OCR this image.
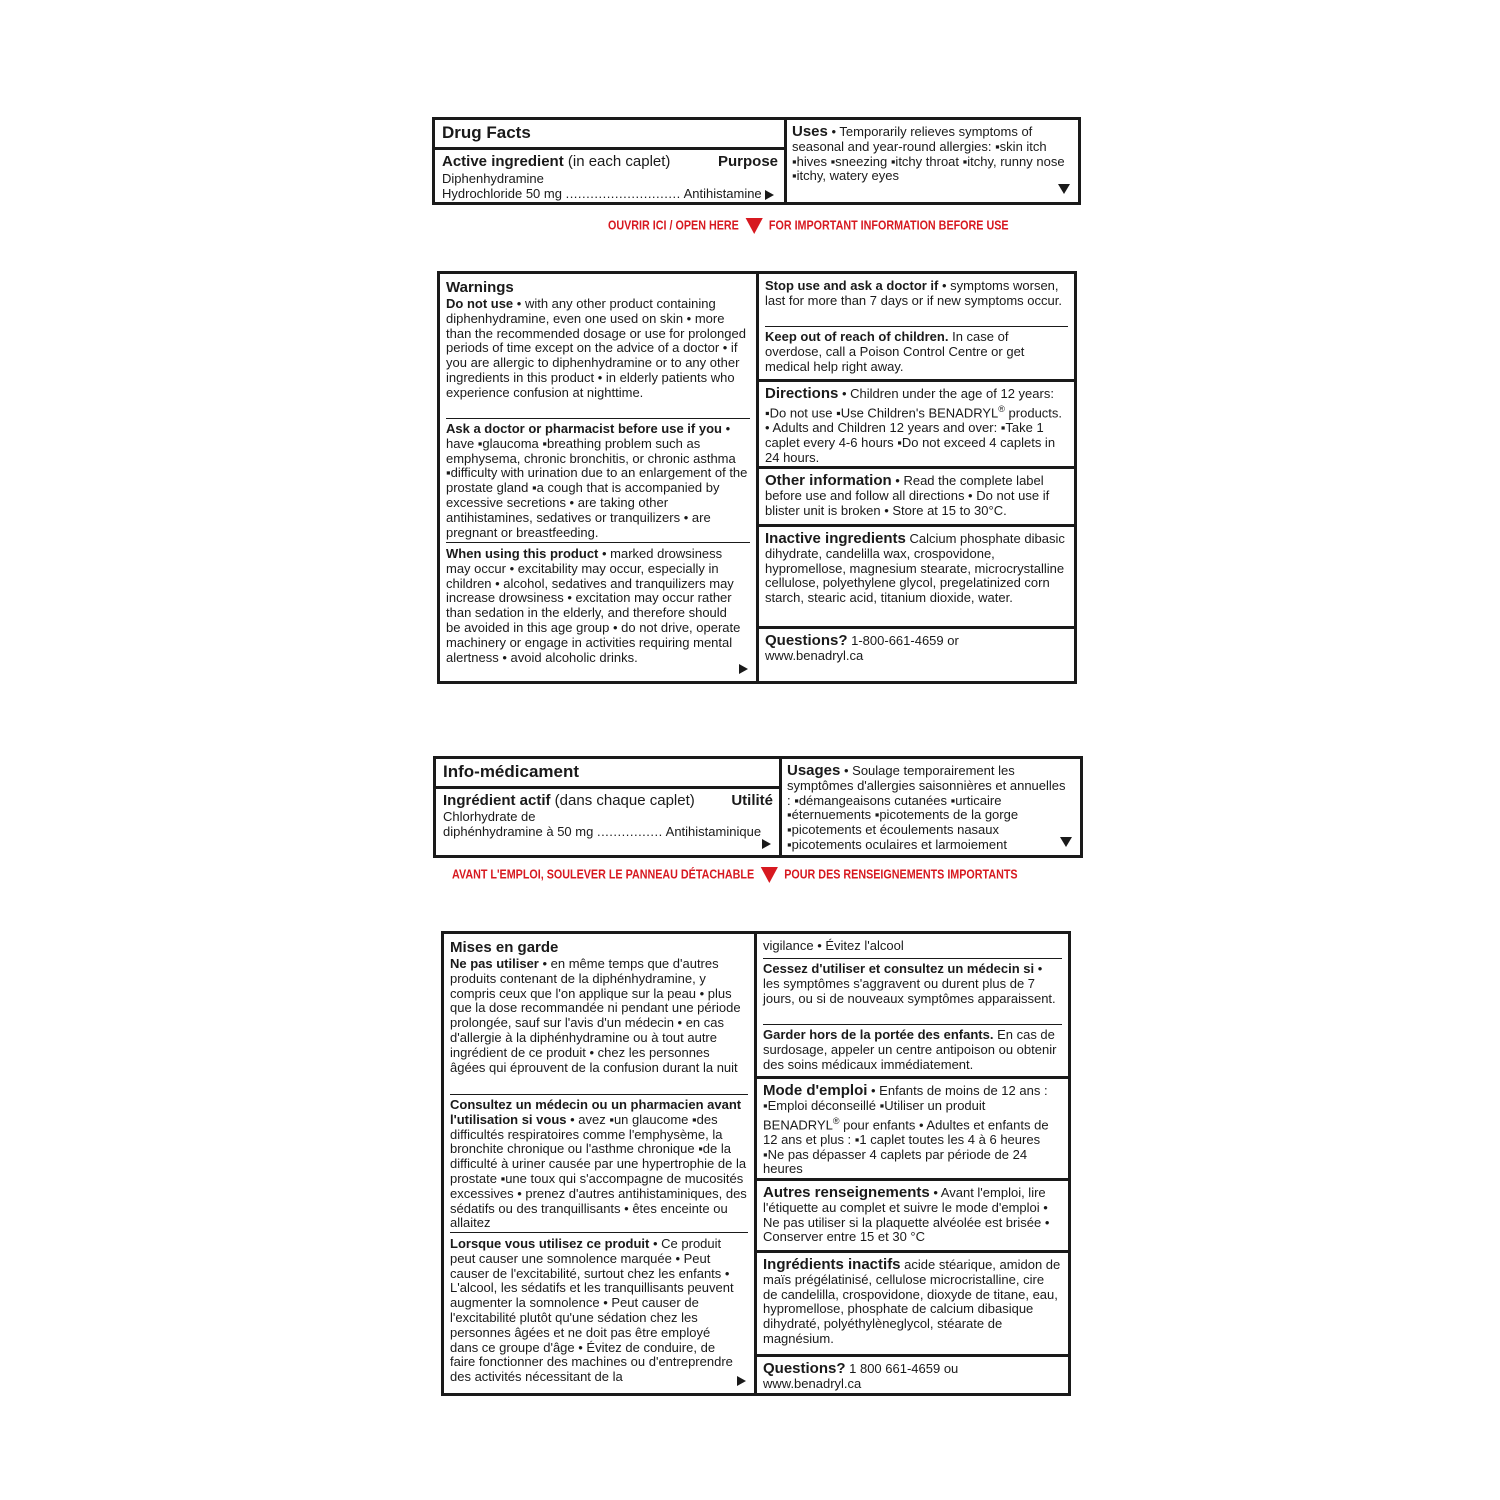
Drug Facts
Active ingredient (in each caplet)	Purpose
Diphenhydramine
Hydrochloride 50 mg ............................ Antihistamine
Uses • Temporarily relieves symptoms of seasonal and year-round allergies: ▪skin itch ▪hives ▪sneezing ▪itchy throat ▪itchy, runny nose ▪itchy, watery eyes
OUVRIR ICI / OPEN HERE FOR IMPORTANT INFORMATION BEFORE USE
Warnings
Do not use • with any other product containing diphenhydramine, even one used on skin • more than the recommended dosage or use for prolonged periods of time except on the advice of a doctor • if you are allergic to diphenhydramine or to any other ingredients in this product • in elderly patients who experience confusion at nighttime.
Ask a doctor or pharmacist before use if you • have ▪glaucoma ▪breathing problem such as emphysema, chronic bronchitis, or chronic asthma ▪difficulty with urination due to an enlargement of the prostate gland ▪a cough that is accompanied by excessive secretions • are taking other antihistamines, sedatives or tranquilizers • are pregnant or breastfeeding.
When using this product • marked drowsiness may occur • excitability may occur, especially in children • alcohol, sedatives and tranquilizers may increase drowsiness • excitation may occur rather than sedation in the elderly, and therefore should be avoided in this age group • do not drive, operate machinery or engage in activities requiring mental alertness • avoid alcoholic drinks.
Stop use and ask a doctor if • symptoms worsen, last for more than 7 days or if new symptoms occur.
Keep out of reach of children. In case of overdose, call a Poison Control Centre or get medical help right away.
Directions • Children under the age of 12 years: ▪Do not use ▪Use Children's BENADRYL® products. • Adults and Children 12 years and over: ▪Take 1 caplet every 4-6 hours ▪Do not exceed 4 caplets in 24 hours.
Other information • Read the complete label before use and follow all directions • Do not use if blister unit is broken • Store at 15 to 30°C.
Inactive ingredients Calcium phosphate dibasic dihydrate, candelilla wax, crospovidone, hypromellose, magnesium stearate, microcrystalline cellulose, polyethylene glycol, pregelatinized corn starch, stearic acid, titanium dioxide, water.
Questions? 1-800-661-4659 or www.benadryl.ca
Info-médicament
Ingrédient actif (dans chaque caplet) Utilité
Chlorhydrate de
diphénhydramine à 50 mg ................ Antihistaminique
Usages • Soulage temporairement les symptômes d'allergies saisonnières et annuelles : ▪démangeaisons cutanées ▪urticaire ▪éternuements ▪picotements de la gorge ▪picotements et écoulements nasaux ▪picotements oculaires et larmoiement
AVANT L'EMPLOI, SOULEVER LE PANNEAU DÉTACHABLE POUR DES RENSEIGNEMENTS IMPORTANTS
Mises en garde
Ne pas utiliser • en même temps que d'autres produits contenant de la diphénhydramine, y compris ceux que l'on applique sur la peau • plus que la dose recommandée ni pendant une période prolongée, sauf sur l'avis d'un médecin • en cas d'allergie à la diphénhydramine ou à tout autre ingrédient de ce produit • chez les personnes âgées qui éprouvent de la confusion durant la nuit
Consultez un médecin ou un pharmacien avant l'utilisation si vous • avez ▪un glaucome ▪des difficultés respiratoires comme l'emphysème, la bronchite chronique ou l'asthme chronique ▪de la difficulté à uriner causée par une hypertrophie de la prostate ▪une toux qui s'accompagne de mucosités excessives • prenez d'autres antihistaminiques, des sédatifs ou des tranquillisants • êtes enceinte ou allaitez
Lorsque vous utilisez ce produit • Ce produit peut causer une somnolence marquée • Peut causer de l'excitabilité, surtout chez les enfants • L'alcool, les sédatifs et les tranquillisants peuvent augmenter la somnolence • Peut causer de l'excitabilité plutôt qu'une sédation chez les personnes âgées et ne doit pas être employé dans ce groupe d'âge • Évitez de conduire, de faire fonctionner des machines ou d'entreprendre des activités nécessitant de la
vigilance • Évitez l'alcool
Cessez d'utiliser et consultez un médecin si • les symptômes s'aggravent ou durent plus de 7 jours, ou si de nouveaux symptômes apparaissent.
Garder hors de la portée des enfants. En cas de surdosage, appeler un centre antipoison ou obtenir des soins médicaux immédiatement.
Mode d'emploi • Enfants de moins de 12 ans : ▪Emploi déconseillé ▪Utiliser un produit BENADRYL® pour enfants • Adultes et enfants de 12 ans et plus : ▪1 caplet toutes les 4 à 6 heures ▪Ne pas dépasser 4 caplets par période de 24 heures
Autres renseignements • Avant l'emploi, lire l'étiquette au complet et suivre le mode d'emploi • Ne pas utiliser si la plaquette alvéolée est brisée • Conserver entre 15 et 30 °C
Ingrédients inactifs acide stéarique, amidon de maïs prégélatinisé, cellulose microcristalline, cire de candelilla, crospovidone, dioxyde de titane, eau, hypromellose, phosphate de calcium dibasique dihydraté, polyéthylèneglycol, stéarate de magnésium.
Questions? 1 800 661-4659 ou www.benadryl.ca
